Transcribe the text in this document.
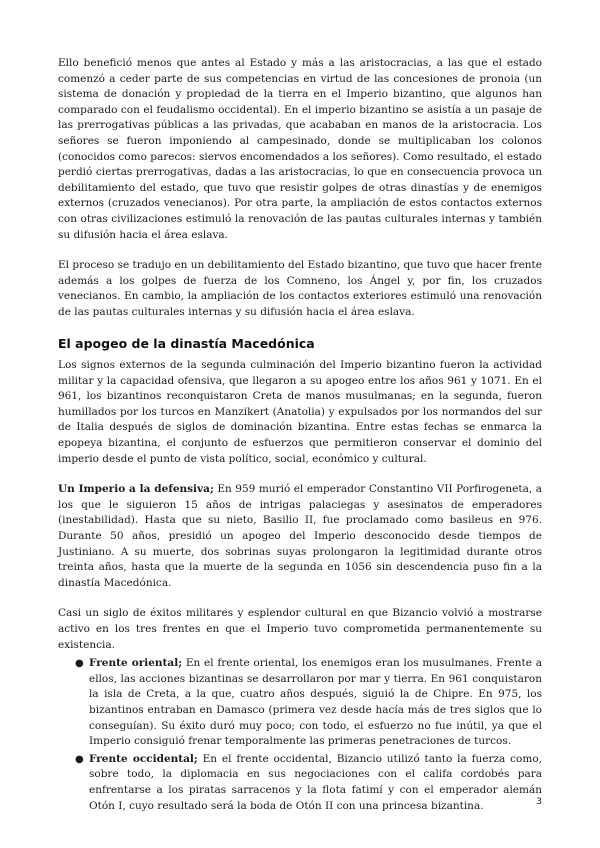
Ello benefició menos que antes al Estado y más a las aristocracias, a las que el estado comenzó a ceder parte de sus competencias en virtud de las concesiones de pronoia (un sistema de donación y propiedad de la tierra en el Imperio bizantino, que algunos han comparado con el feudalismo occidental). En el imperio bizantino se asistía a un pasaje de las prerrogativas públicas a las privadas, que acababan en manos de la aristocracia. Los señores se fueron imponiendo al campesinado, donde se multiplicaban los colonos (conocidos como parecos: siervos encomendados a los señores). Como resultado, el estado perdió ciertas prerrogativas, dadas a las aristocracias, lo que en consecuencia provoca un debilitamiento del estado, que tuvo que resistir golpes de otras dinastías y de enemigos externos (cruzados venecianos). Por otra parte, la ampliación de estos contactos externos con otras civilizaciones estimuló la renovación de las pautas culturales internas y también su difusión hacia el área eslava.

El proceso se tradujo en un debilitamiento del Estado bizantino, que tuvo que hacer frente además a los golpes de fuerza de los Comneno, los Ángel y, por fin, los cruzados venecianos. En cambio, la ampliación de los contactos exteriores estimuló una renovación de las pautas culturales internas y su difusión hacia el área eslava.

El apogeo de la dinastía Macedónica

Los signos externos de la segunda culminación del Imperio bizantino fueron la actividad militar y la capacidad ofensiva, que llegaron a su apogeo entre los años 961 y 1071. En el 961, los bizantinos reconquistaron Creta de manos musulmanas; en la segunda, fueron humillados por los turcos en Manzikert (Anatolia) y expulsados por los normandos del sur de Italia después de siglos de dominación bizantina. Entre estas fechas se enmarca la epopeya bizantina, el conjunto de esfuerzos que permitieron conservar el dominio del imperio desde el punto de vista político, social, económico y cultural.

Un Imperio a la defensiva; En 959 murió el emperador Constantino VII Porfirogeneta, a los que le siguieron 15 años de intrigas palaciegas y asesinatos de emperadores (inestabilidad). Hasta que su nieto, Basilio II, fue proclamado como basileus en 976. Durante 50 años, presidió un apogeo del Imperio desconocido desde tiempos de Justiniano. A su muerte, dos sobrinas suyas prolongaron la legitimidad durante otros treinta años, hasta que la muerte de la segunda en 1056 sin descendencia puso fin a la dinastía Macedónica.

Casi un siglo de éxitos militares y esplendor cultural en que Bizancio volvió a mostrarse activo en los tres frentes en que el Imperio tuvo comprometida permanentemente su existencia.

● Frente oriental; En el frente oriental, los enemigos eran los musulmanes. Frente a ellos, las acciones bizantinas se desarrollaron por mar y tierra. En 961 conquistaron la isla de Creta, a la que, cuatro años después, siguió la de Chipre. En 975, los bizantinos entraban en Damasco (primera vez desde hacía más de tres siglos que lo conseguían). Su éxito duró muy poco; con todo, el esfuerzo no fue inútil, ya que el Imperio consiguió frenar temporalmente las primeras penetraciones de turcos.
● Frente occidental; En el frente occidental, Bizancio utilizó tanto la fuerza como, sobre todo, la diplomacia en sus negociaciones con el califa cordobés para enfrentarse a los piratas sarracenos y la flota fatimí y con el emperador alemán Otón I, cuyo resultado será la boda de Otón II con una princesa bizantina.	3
